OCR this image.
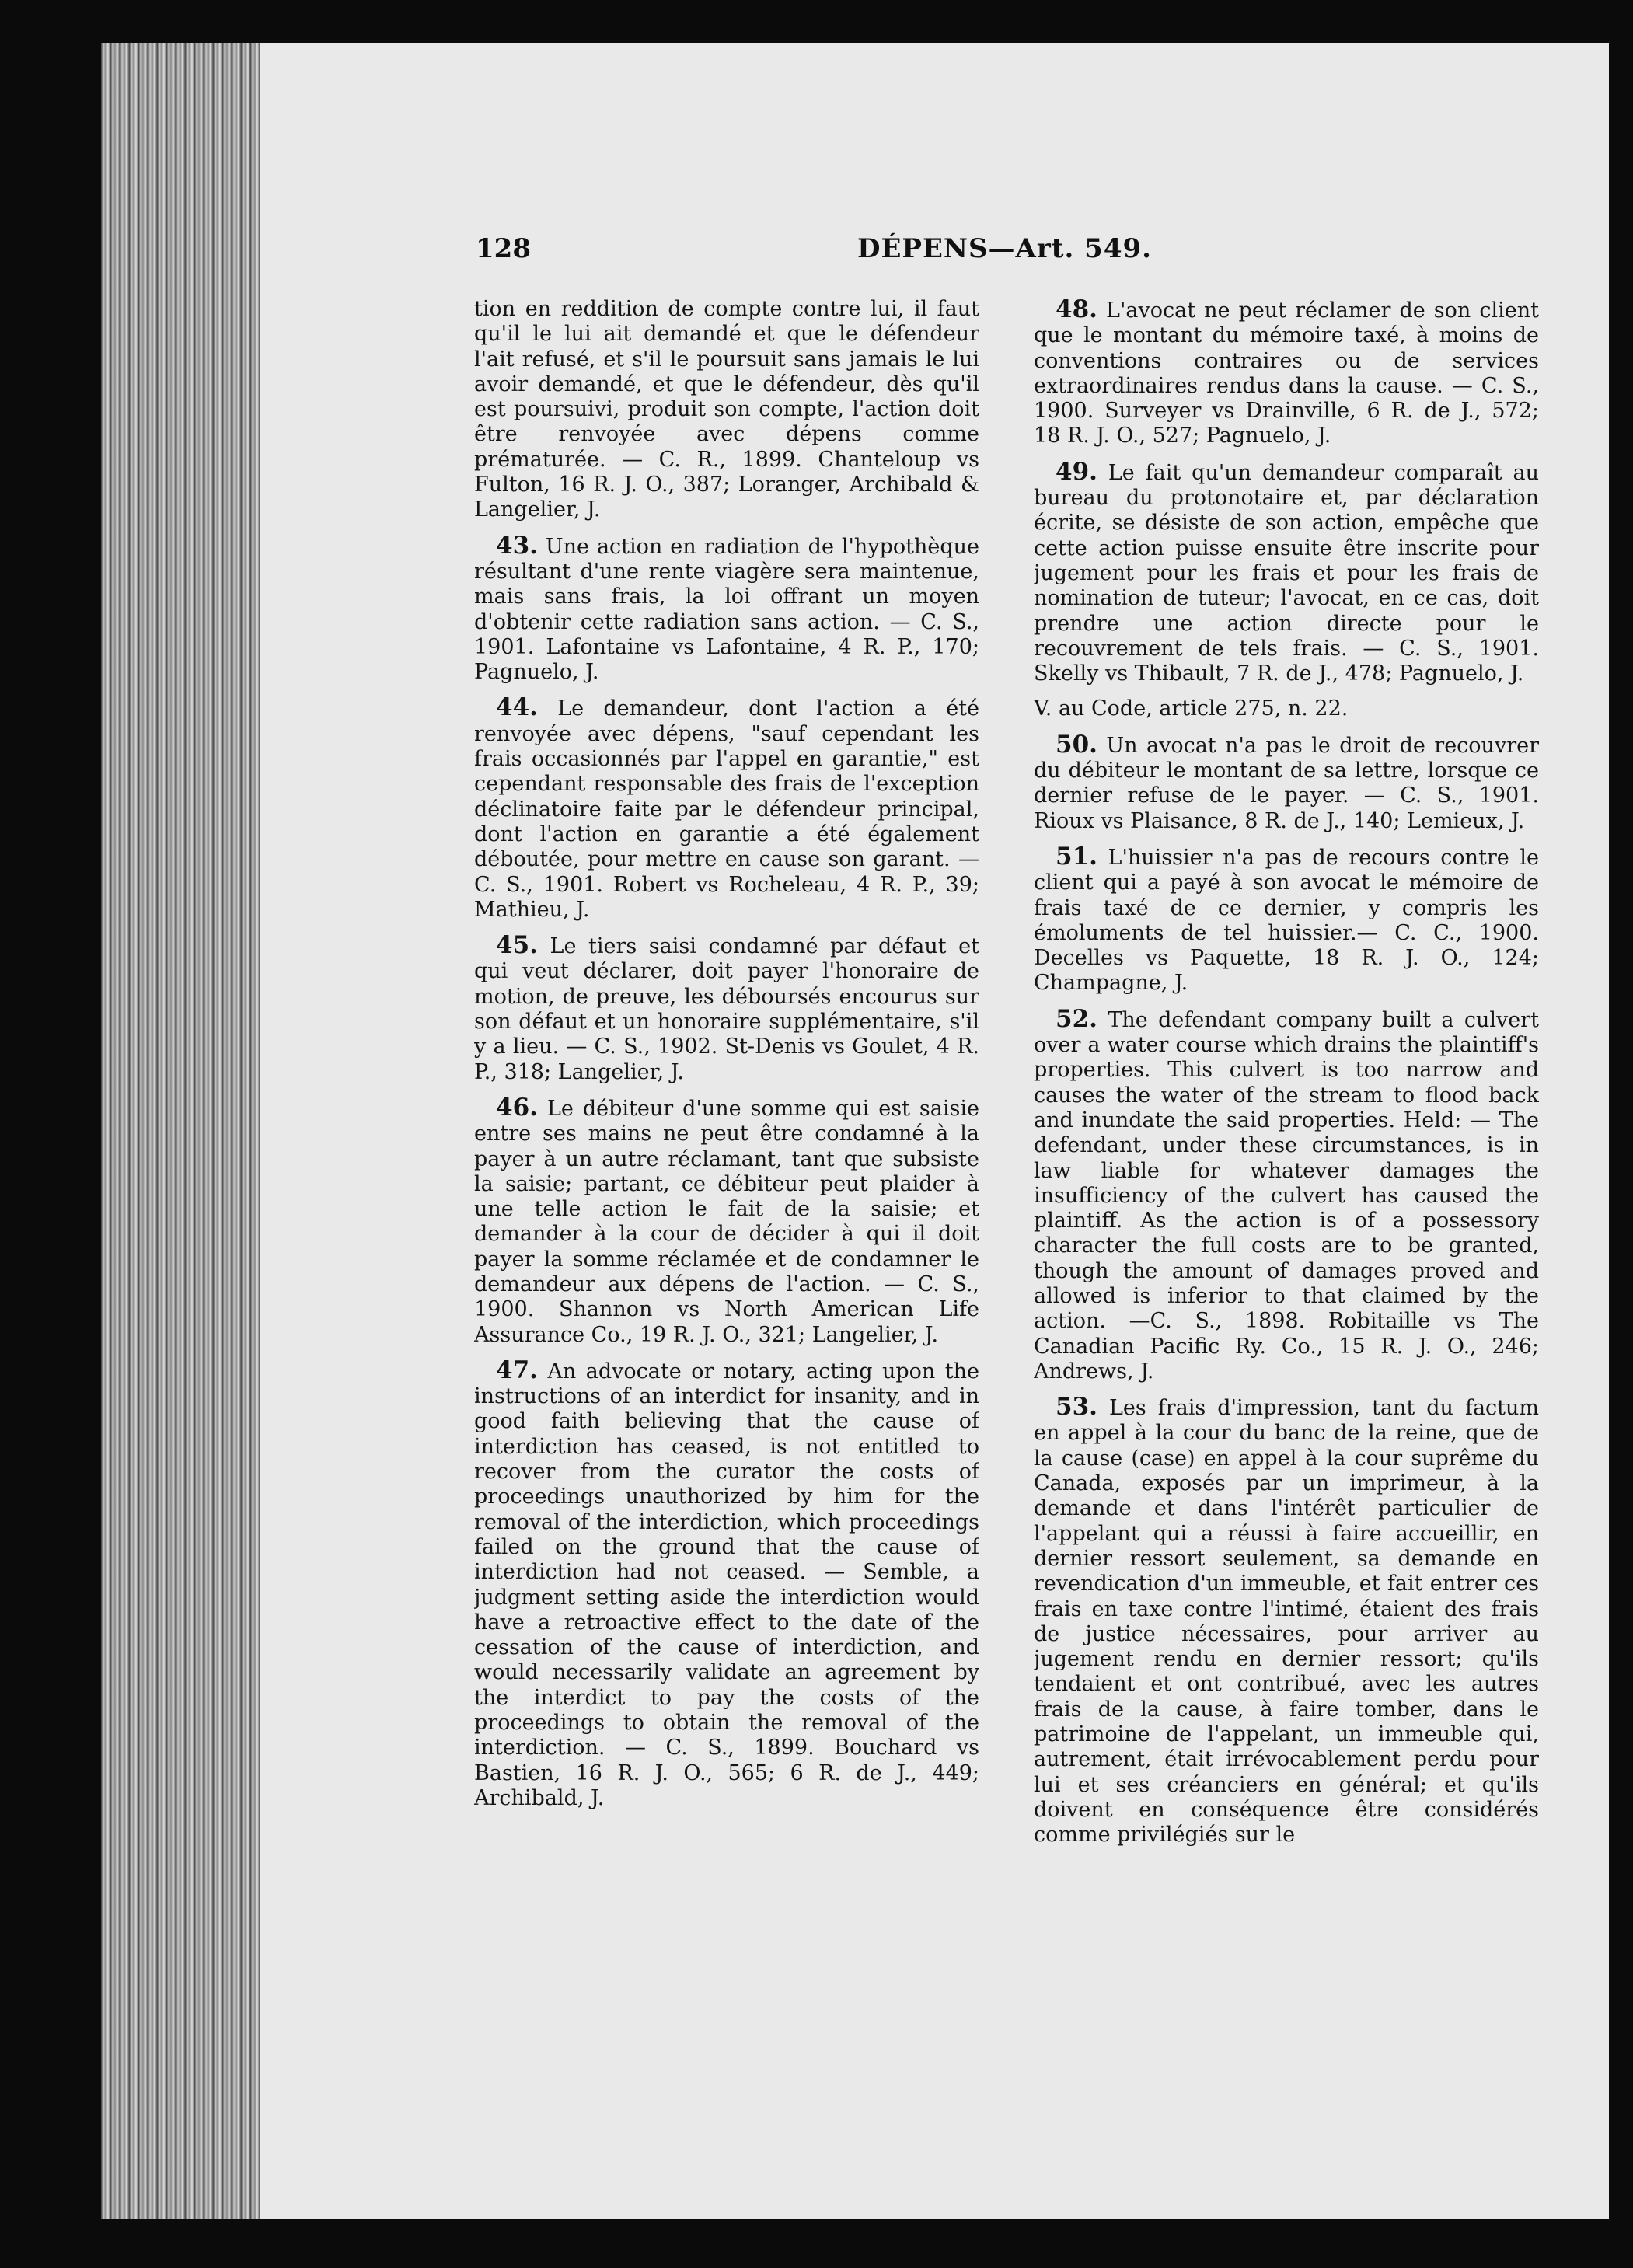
128	DÉPENS—Art. 549.

tion en reddition de compte contre lui, il faut qu'il le lui ait demandé et que le défendeur l'ait refusé, et s'il le poursuit sans jamais le lui avoir demandé, et que le défendeur, dès qu'il est poursuivi, produit son compte, l'action doit être renvoyée avec dépens comme prématurée. — C. R., 1899. Chanteloup vs Fulton, 16 R. J. O., 387; Loranger, Archibald & Langelier, J.

43. Une action en radiation de l'hypothèque résultant d'une rente viagère sera maintenue, mais sans frais, la loi offrant un moyen d'obtenir cette radiation sans action. — C. S., 1901. Lafontaine vs Lafontaine, 4 R. P., 170; Pagnuelo, J.

44. Le demandeur, dont l'action a été renvoyée avec dépens, "sauf cependant les frais occasionnés par l'appel en garantie," est cependant responsable des frais de l'exception déclinatoire faite par le défendeur principal, dont l'action en garantie a été également déboutée, pour mettre en cause son garant. — C. S., 1901. Robert vs Rocheleau, 4 R. P., 39; Mathieu, J.

45. Le tiers saisi condamné par défaut et qui veut déclarer, doit payer l'honoraire de motion, de preuve, les déboursés encourus sur son défaut et un honoraire supplémentaire, s'il y a lieu. — C. S., 1902. St-Denis vs Goulet, 4 R. P., 318; Langelier, J.

46. Le débiteur d'une somme qui est saisie entre ses mains ne peut être condamné à la payer à un autre réclamant, tant que subsiste la saisie; partant, ce débiteur peut plaider à une telle action le fait de la saisie; et demander à la cour de décider à qui il doit payer la somme réclamée et de condamner le demandeur aux dépens de l'action. — C. S., 1900. Shannon vs North American Life Assurance Co., 19 R. J. O., 321; Langelier, J.

47. An advocate or notary, acting upon the instructions of an interdict for insanity, and in good faith believing that the cause of interdiction has ceased, is not entitled to recover from the curator the costs of proceedings unauthorized by him for the removal of the interdiction, which proceedings failed on the ground that the cause of interdiction had not ceased. — Semble, a judgment setting aside the interdiction would have a retroactive effect to the date of the cessation of the cause of interdiction, and would necessarily validate an agreement by the interdict to pay the costs of the proceedings to obtain the removal of the interdiction. — C. S., 1899. Bouchard vs Bastien, 16 R. J. O., 565; 6 R. de J., 449; Archibald, J.

48. L'avocat ne peut réclamer de son client que le montant du mémoire taxé, à moins de conventions contraires ou de services extraordinaires rendus dans la cause. — C. S., 1900. Surveyer vs Drainville, 6 R. de J., 572; 18 R. J. O., 527; Pagnuelo, J.

49. Le fait qu'un demandeur comparaît au bureau du protonotaire et, par déclaration écrite, se désiste de son action, empêche que cette action puisse ensuite être inscrite pour jugement pour les frais et pour les frais de nomination de tuteur; l'avocat, en ce cas, doit prendre une action directe pour le recouvrement de tels frais. — C. S., 1901. Skelly vs Thibault, 7 R. de J., 478; Pagnuelo, J.

V. au Code, article 275, n. 22.

50. Un avocat n'a pas le droit de recouvrer du débiteur le montant de sa lettre, lorsque ce dernier refuse de le payer. — C. S., 1901. Rioux vs Plaisance, 8 R. de J., 140; Lemieux, J.

51. L'huissier n'a pas de recours contre le client qui a payé à son avocat le mémoire de frais taxé de ce dernier, y compris les émoluments de tel huissier.— C. C., 1900. Decelles vs Paquette, 18 R. J. O., 124; Champagne, J.

52. The defendant company built a culvert over a water course which drains the plaintiff's properties. This culvert is too narrow and causes the water of the stream to flood back and inundate the said properties. Held: — The defendant, under these circumstances, is in law liable for whatever damages the insufficiency of the culvert has caused the plaintiff. As the action is of a possessory character the full costs are to be granted, though the amount of damages proved and allowed is inferior to that claimed by the action. —C. S., 1898. Robitaille vs The Canadian Pacific Ry. Co., 15 R. J. O., 246; Andrews, J.

53. Les frais d'impression, tant du factum en appel à la cour du banc de la reine, que de la cause (case) en appel à la cour suprême du Canada, exposés par un imprimeur, à la demande et dans l'intérêt particulier de l'appelant qui a réussi à faire accueillir, en dernier ressort seulement, sa demande en revendication d'un immeuble, et fait entrer ces frais en taxe contre l'intimé, étaient des frais de justice nécessaires, pour arriver au jugement rendu en dernier ressort; qu'ils tendaient et ont contribué, avec les autres frais de la cause, à faire tomber, dans le patrimoine de l'appelant, un immeuble qui, autrement, était irrévocablement perdu pour lui et ses créanciers en général; et qu'ils doivent en conséquence être considérés comme privilégiés sur le
